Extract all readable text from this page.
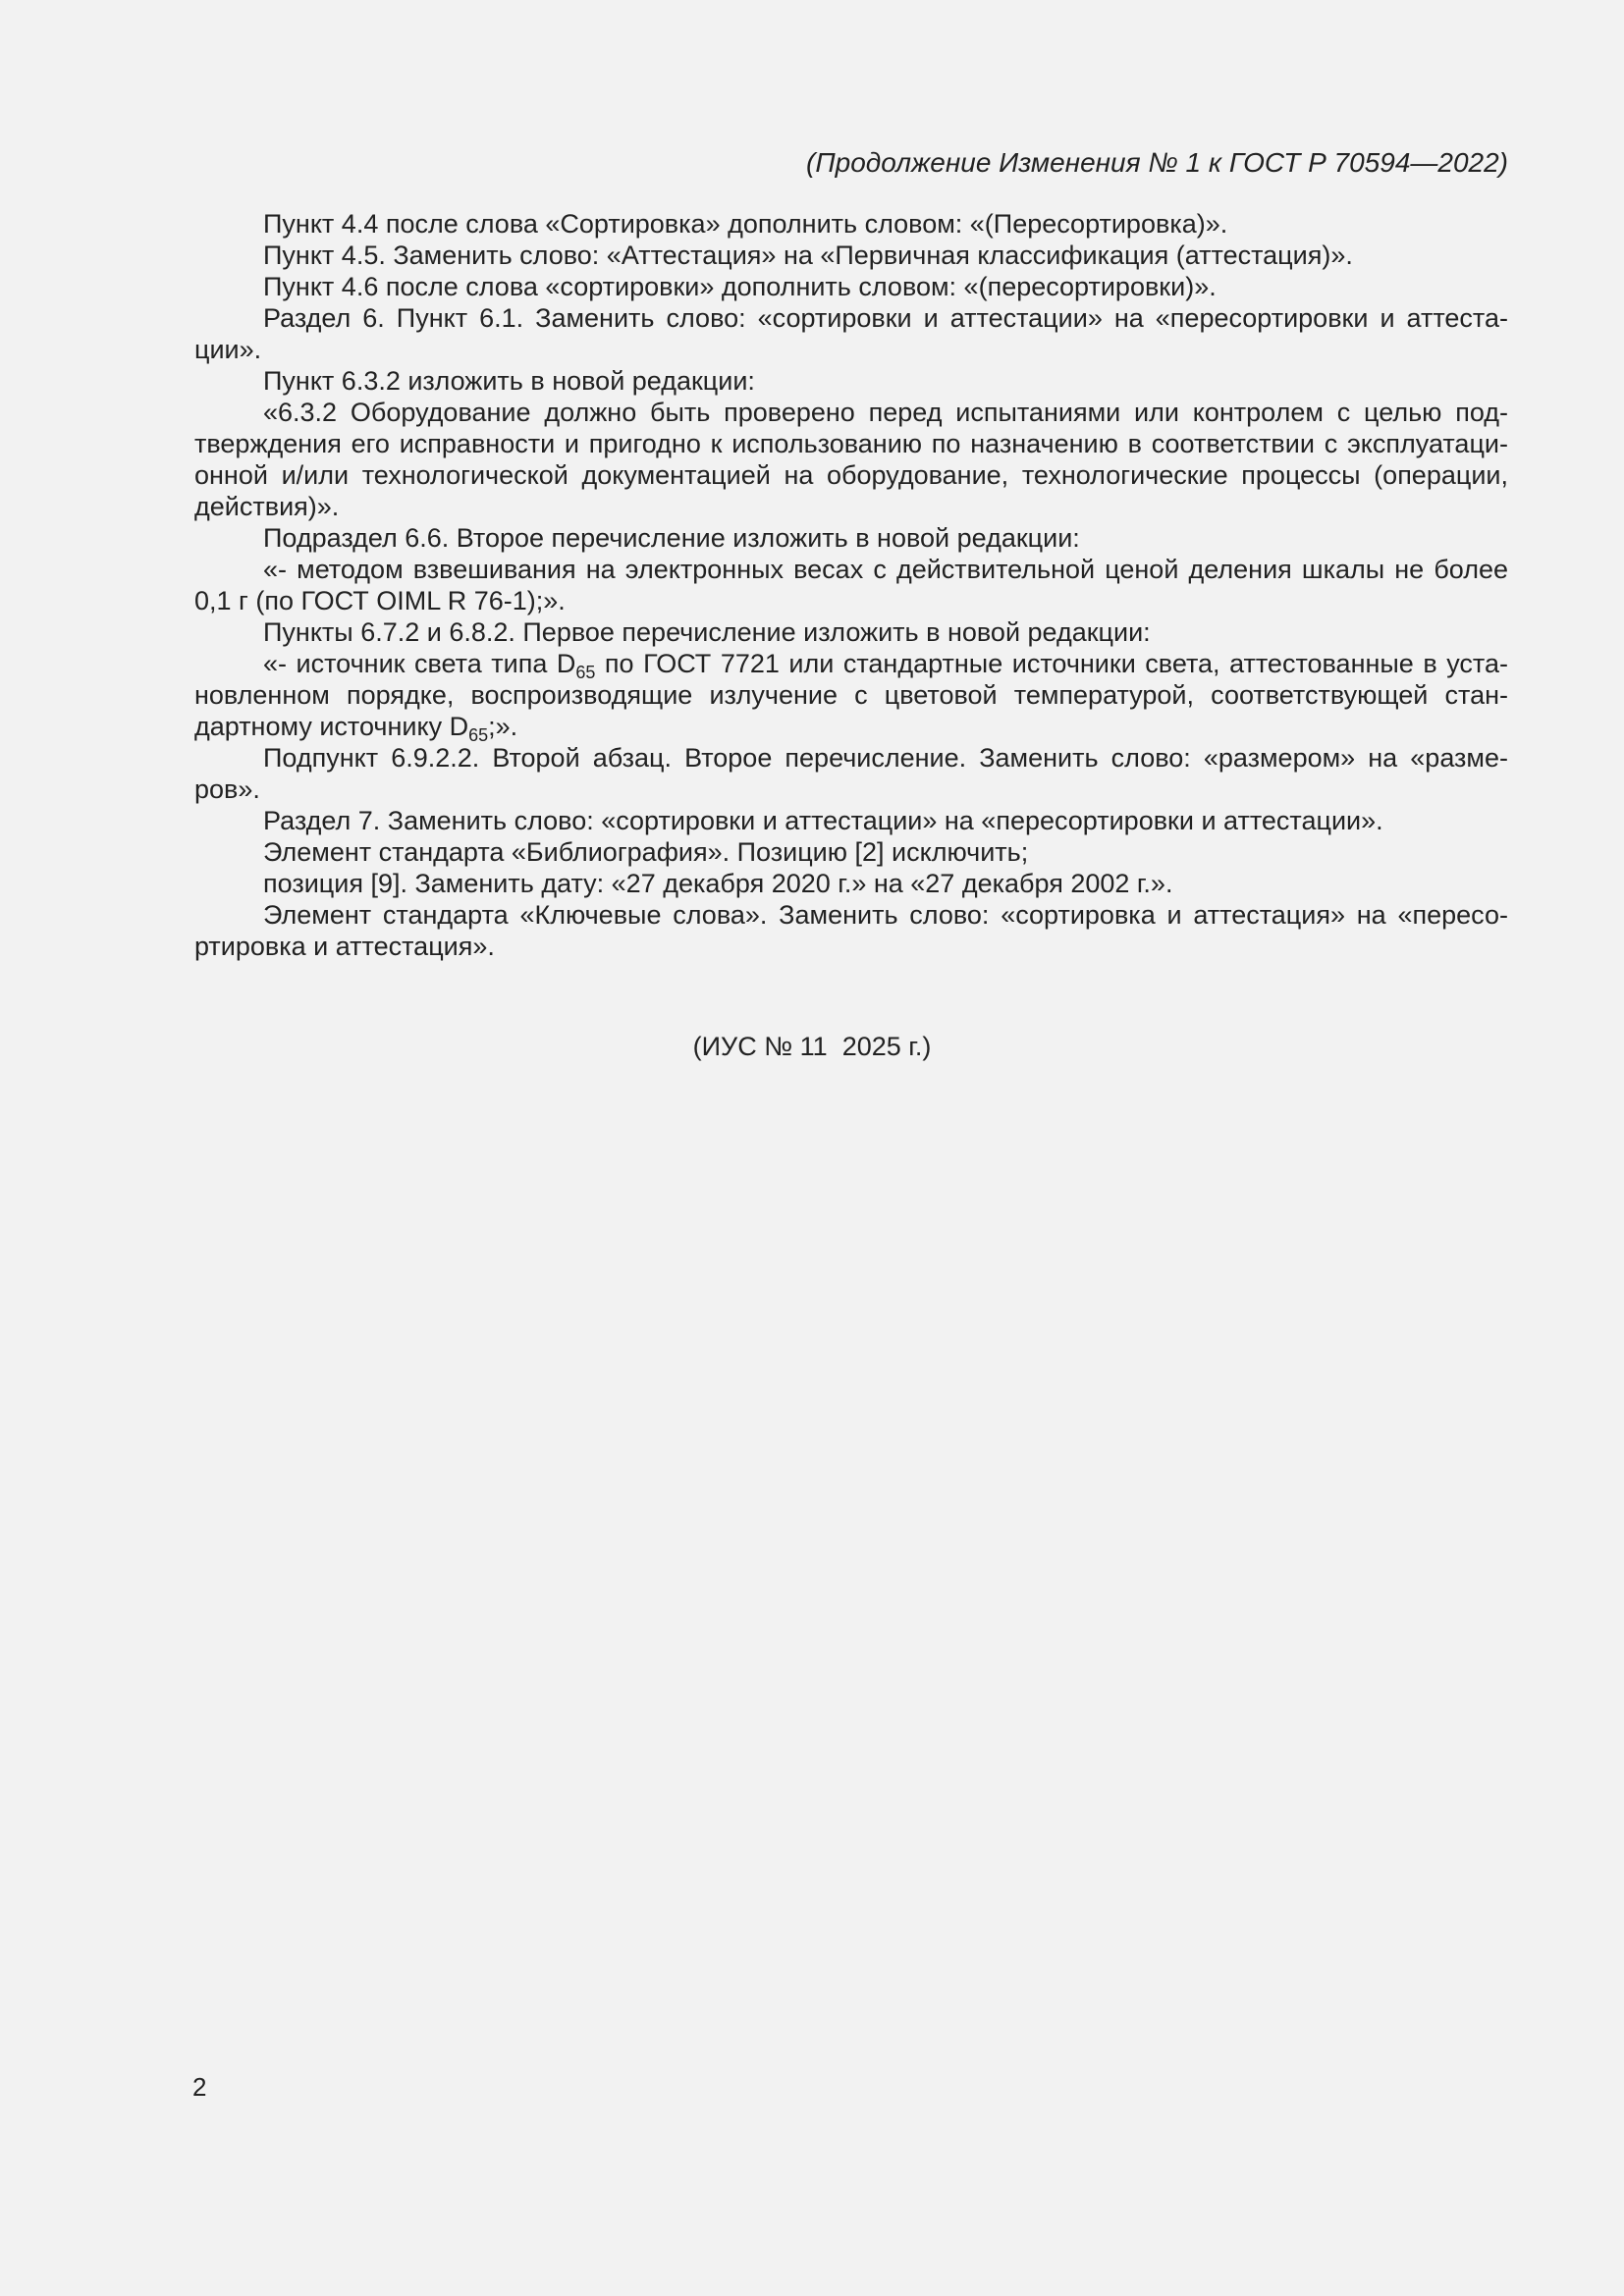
(Продолжение Изменения № 1 к ГОСТ Р 70594—2022)

Пункт 4.4 после слова «Сортировка» дополнить словом: «(Пересортировка)».

Пункт 4.5. Заменить слово: «Аттестация» на «Первичная классификация (аттестация)».

Пункт 4.6 после слова «сортировки» дополнить словом: «(пересортировки)».

Раздел 6. Пункт 6.1. Заменить слово: «сортировки и аттестации» на «пересортировки и аттестации».

Пункт 6.3.2 изложить в новой редакции:

«6.3.2 Оборудование должно быть проверено перед испытаниями или контролем с целью подтверждения его исправности и пригодно к использованию по назначению в соответствии с эксплуатационной и/или технологической документацией на оборудование, технологические процессы (операции, действия)».

Подраздел 6.6. Второе перечисление изложить в новой редакции:

«- методом взвешивания на электронных весах с действительной ценой деления шкалы не более 0,1 г (по ГОСТ OIML R 76-1);».

Пункты 6.7.2 и 6.8.2. Первое перечисление изложить в новой редакции:

«- источник света типа $D_{65}$ по ГОСТ 7721 или стандартные источники света, аттестованные в установленном порядке, воспроизводящие излучение с цветовой температурой, соответствующей стандартному источнику $D_{65}$;».

Подпункт 6.9.2.2. Второй абзац. Второе перечисление. Заменить слово: «размером» на «размеров».

Раздел 7. Заменить слово: «сортировки и аттестации» на «пересортировки и аттестации».

Элемент стандарта «Библиография». Позицию [2] исключить;

позиция [9]. Заменить дату: «27 декабря 2020 г.» на «27 декабря 2002 г.».

Элемент стандарта «Ключевые слова». Заменить слово: «сортировка и аттестация» на «пересортировка и аттестация».

(ИУС № 11  2025 г.)
2
